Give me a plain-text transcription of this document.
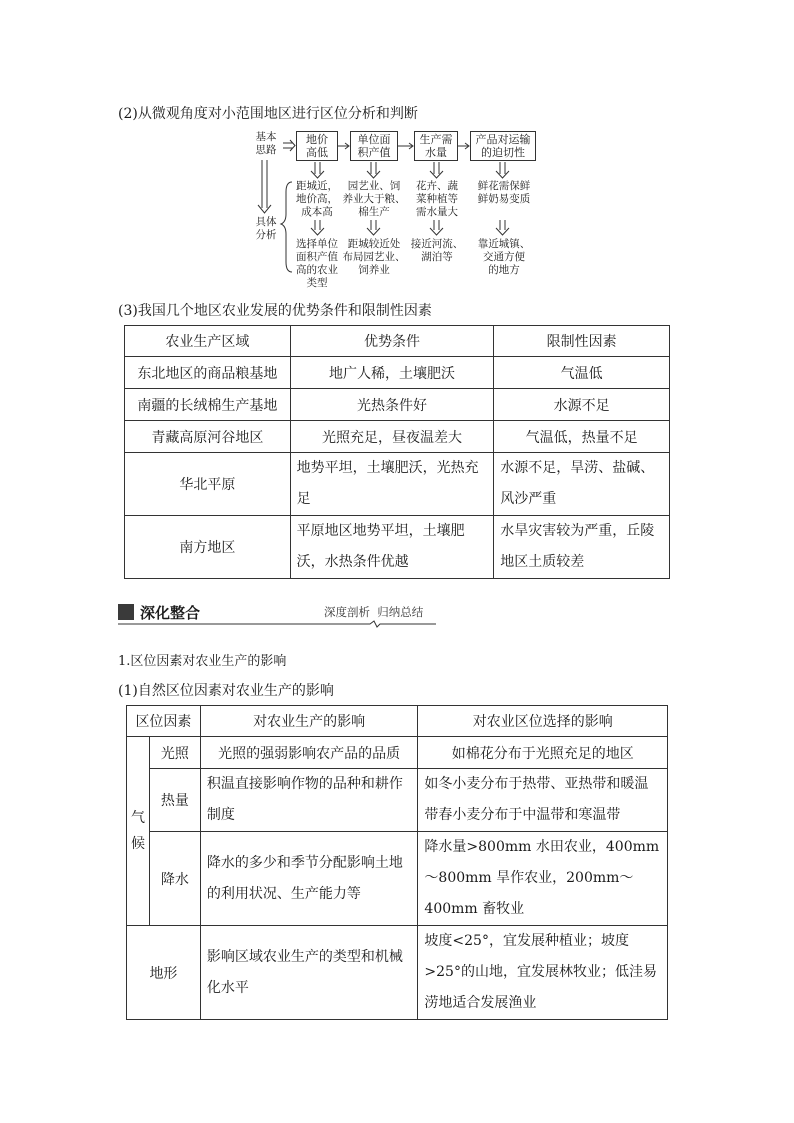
(2)从微观角度对小范围地区进行区位分析和判断
基本
思路
具体
分析
地价
高低
单位面
积产值
生产需
水量
产品对运输
的迫切性
距城近，
地价高，
成本高
园艺业、饲
养业大于粮、
棉生产
花卉、蔬
菜种植等
需水量大
鲜花需保鲜
鲜奶易变质
选择单位
面积产值
高的农业
类型
距城较近处
布局园艺业、
饲养业
接近河流、
湖泊等
靠近城镇、
交通方便
的地方
(3)我国几个地区农业发展的优势条件和限制性因素
农业生产区域	优势条件	限制性因素
东北地区的商品粮基地	地广人稀，土壤肥沃	气温低
南疆的长绒棉生产基地	光热条件好	水源不足
青藏高原河谷地区	光照充足，昼夜温差大	气温低，热量不足
华北平原	地势平坦，土壤肥沃，光热充足	水源不足，旱涝、盐碱、风沙严重
南方地区	平原地区地势平坦，土壤肥沃，水热条件优越	水旱灾害较为严重，丘陵地区土质较差
深化整合	深度剖析  归纳总结
1.区位因素对农业生产的影响
(1)自然区位因素对农业生产的影响
区位因素		对农业生产的影响	对农业区位选择的影响
气
候	光照	光照的强弱影响农产品的品质	如棉花分布于光照充足的地区
	热量	积温直接影响作物的品种和耕作制度	如冬小麦分布于热带、亚热带和暖温带春小麦分布于中温带和寒温带
	降水	降水的多少和季节分配影响土地的利用状况、生产能力等	降水量>800mm 水田农业，400mm～800mm 旱作农业，200mm～400mm 畜牧业
地形		影响区域农业生产的类型和机械化水平	坡度<25°，宜发展种植业；坡度>25°的山地，宜发展林牧业；低洼易涝地适合发展渔业
